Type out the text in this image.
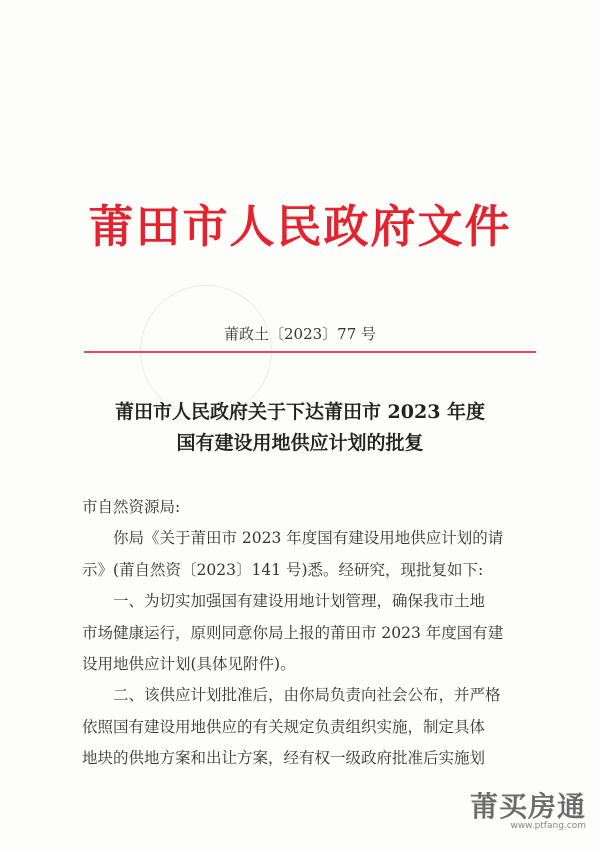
莆田市人民政府文件
莆政土〔2023〕77 号
莆田市人民政府关于下达莆田市 2023 年度
国有建设用地供应计划的批复

市自然资源局:

你局《关于莆田市 2023 年度国有建设用地供应计划的请

示》(莆自然资〔2023〕141 号)悉。经研究，现批复如下:

一、为切实加强国有建设用地计划管理，确保我市土地

市场健康运行，原则同意你局上报的莆田市 2023 年度国有建

设用地供应计划(具体见附件)。

二、该供应计划批准后，由你局负责向社会公布，并严格

依照国有建设用地供应的有关规定负责组织实施，制定具体

地块的供地方案和出让方案，经有权一级政府批准后实施划

莆买房通
www.ptfang.com
